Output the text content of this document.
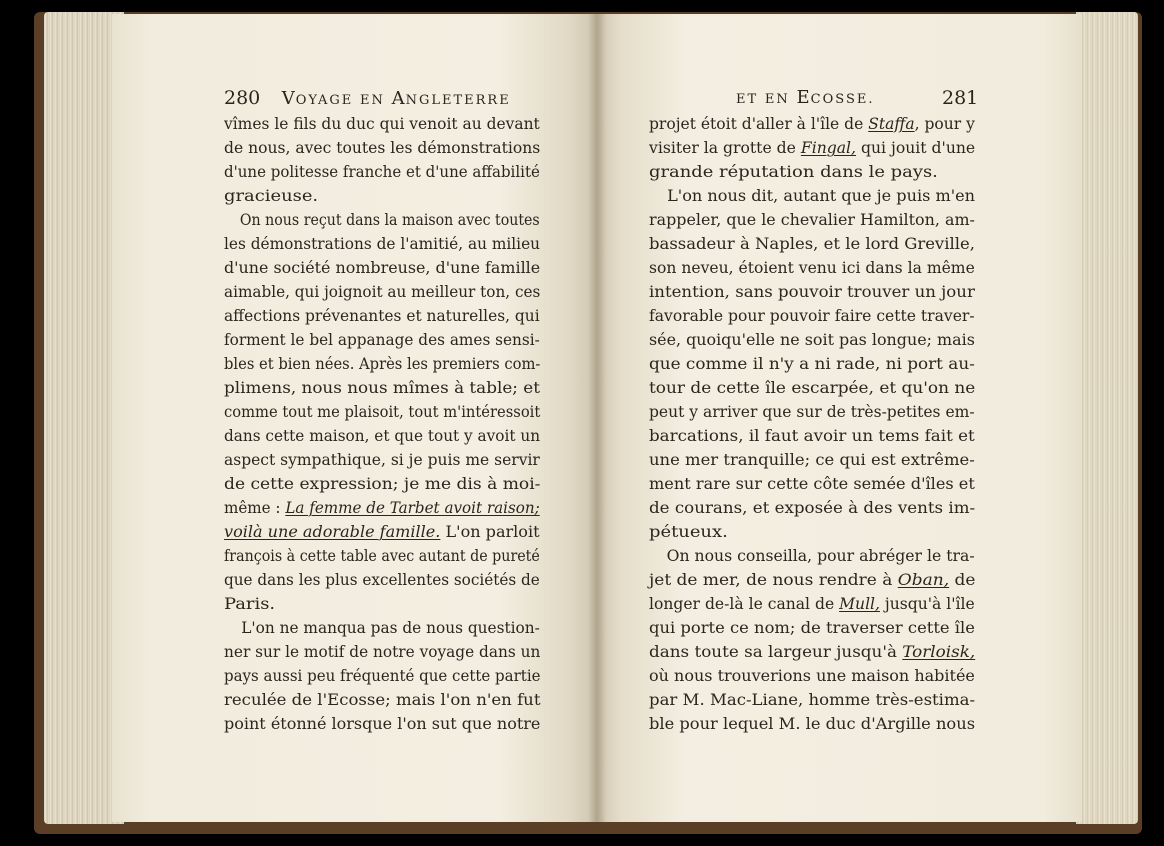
280 VOYAGE EN ANGLETERRE	ET EN ECOSSE.	281
vîmes le fils du duc qui venoit au devant
de nous, avec toutes les démonstrations
d'une politesse franche et d'une affabilité
gracieuse.
On nous reçut dans la maison avec toutes
les démonstrations de l'amitié, au milieu
d'une société nombreuse, d'une famille
aimable, qui joignoit au meilleur ton, ces
affections prévenantes et naturelles, qui
forment le bel appanage des ames sensi-
bles et bien nées. Après les premiers com-
plimens, nous nous mîmes à table; et
comme tout me plaisoit, tout m'intéressoit
dans cette maison, et que tout y avoit un
aspect sympathique, si je puis me servir
de cette expression; je me dis à moi-
même : La femme de Tarbet avoit raison;
voilà une adorable famille. L'on parloit
françois à cette table avec autant de pureté
que dans les plus excellentes sociétés de
Paris.
L'on ne manqua pas de nous question-
ner sur le motif de notre voyage dans un
pays aussi peu fréquenté que cette partie
reculée de l'Ecosse; mais l'on n'en fut
point étonné lorsque l'on sut que notre
projet étoit d'aller à l'île de Staffa, pour y
visiter la grotte de Fingal, qui jouit d'une
grande réputation dans le pays.
L'on nous dit, autant que je puis m'en
rappeler, que le chevalier Hamilton, am-
bassadeur à Naples, et le lord Greville,
son neveu, étoient venu ici dans la même
intention, sans pouvoir trouver un jour
favorable pour pouvoir faire cette traver-
sée, quoiqu'elle ne soit pas longue; mais
que comme il n'y a ni rade, ni port au-
tour de cette île escarpée, et qu'on ne
peut y arriver que sur de très-petites em-
barcations, il faut avoir un tems fait et
une mer tranquille; ce qui est extrême-
ment rare sur cette côte semée d'îles et
de courans, et exposée à des vents im-
pétueux.
On nous conseilla, pour abréger le tra-
jet de mer, de nous rendre à Oban, de
longer de-là le canal de Mull, jusqu'à l'île
qui porte ce nom; de traverser cette île
dans toute sa largeur jusqu'à Torloisk,
où nous trouverions une maison habitée
par M. Mac-Liane, homme très-estima-
ble pour lequel M. le duc d'Argille nous
